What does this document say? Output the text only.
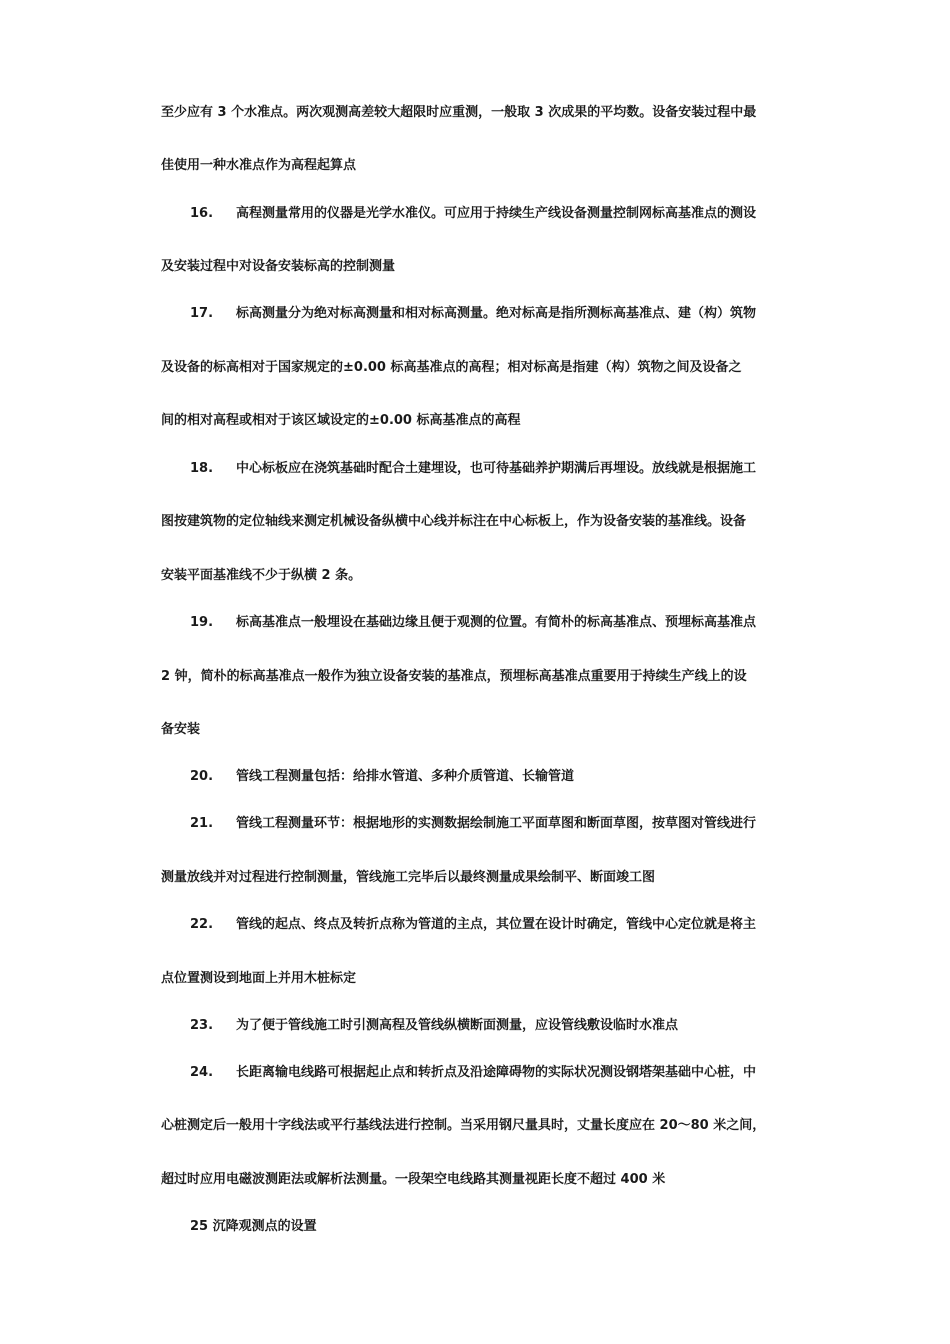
至少应有 3 个水准点。两次观测高差较大超限时应重测，一般取 3 次成果的平均数。设备安装过程中最
佳使用一种水准点作为高程起算点
16. 高程测量常用的仪器是光学水准仪。可应用于持续生产线设备测量控制网标高基准点的测设
及安装过程中对设备安装标高的控制测量
17. 标高测量分为绝对标高测量和相对标高测量。绝对标高是指所测标高基准点、建（构）筑物
及设备的标高相对于国家规定的±0.00 标高基准点的高程；相对标高是指建（构）筑物之间及设备之
间的相对高程或相对于该区域设定的±0.00 标高基准点的高程
18. 中心标板应在浇筑基础时配合土建埋设，也可待基础养护期满后再埋设。放线就是根据施工
图按建筑物的定位轴线来测定机械设备纵横中心线并标注在中心标板上，作为设备安装的基准线。设备
安装平面基准线不少于纵横 2 条。
19. 标高基准点一般埋设在基础边缘且便于观测的位置。有简朴的标高基准点、预埋标高基准点
2 钟，简朴的标高基准点一般作为独立设备安装的基准点，预埋标高基准点重要用于持续生产线上的设
备安装
20. 管线工程测量包括：给排水管道、多种介质管道、长输管道
21. 管线工程测量环节：根据地形的实测数据绘制施工平面草图和断面草图，按草图对管线进行
测量放线并对过程进行控制测量，管线施工完毕后以最终测量成果绘制平、断面竣工图
22. 管线的起点、终点及转折点称为管道的主点，其位置在设计时确定，管线中心定位就是将主
点位置测设到地面上并用木桩标定
23. 为了便于管线施工时引测高程及管线纵横断面测量，应设管线敷设临时水准点
24. 长距离输电线路可根据起止点和转折点及沿途障碍物的实际状况测设钢塔架基础中心桩，中
心桩测定后一般用十字线法或平行基线法进行控制。当采用钢尺量具时，丈量长度应在 20～80 米之间，
超过时应用电磁波测距法或解析法测量。一段架空电线路其测量视距长度不超过 400 米
25 沉降观测点的设置
